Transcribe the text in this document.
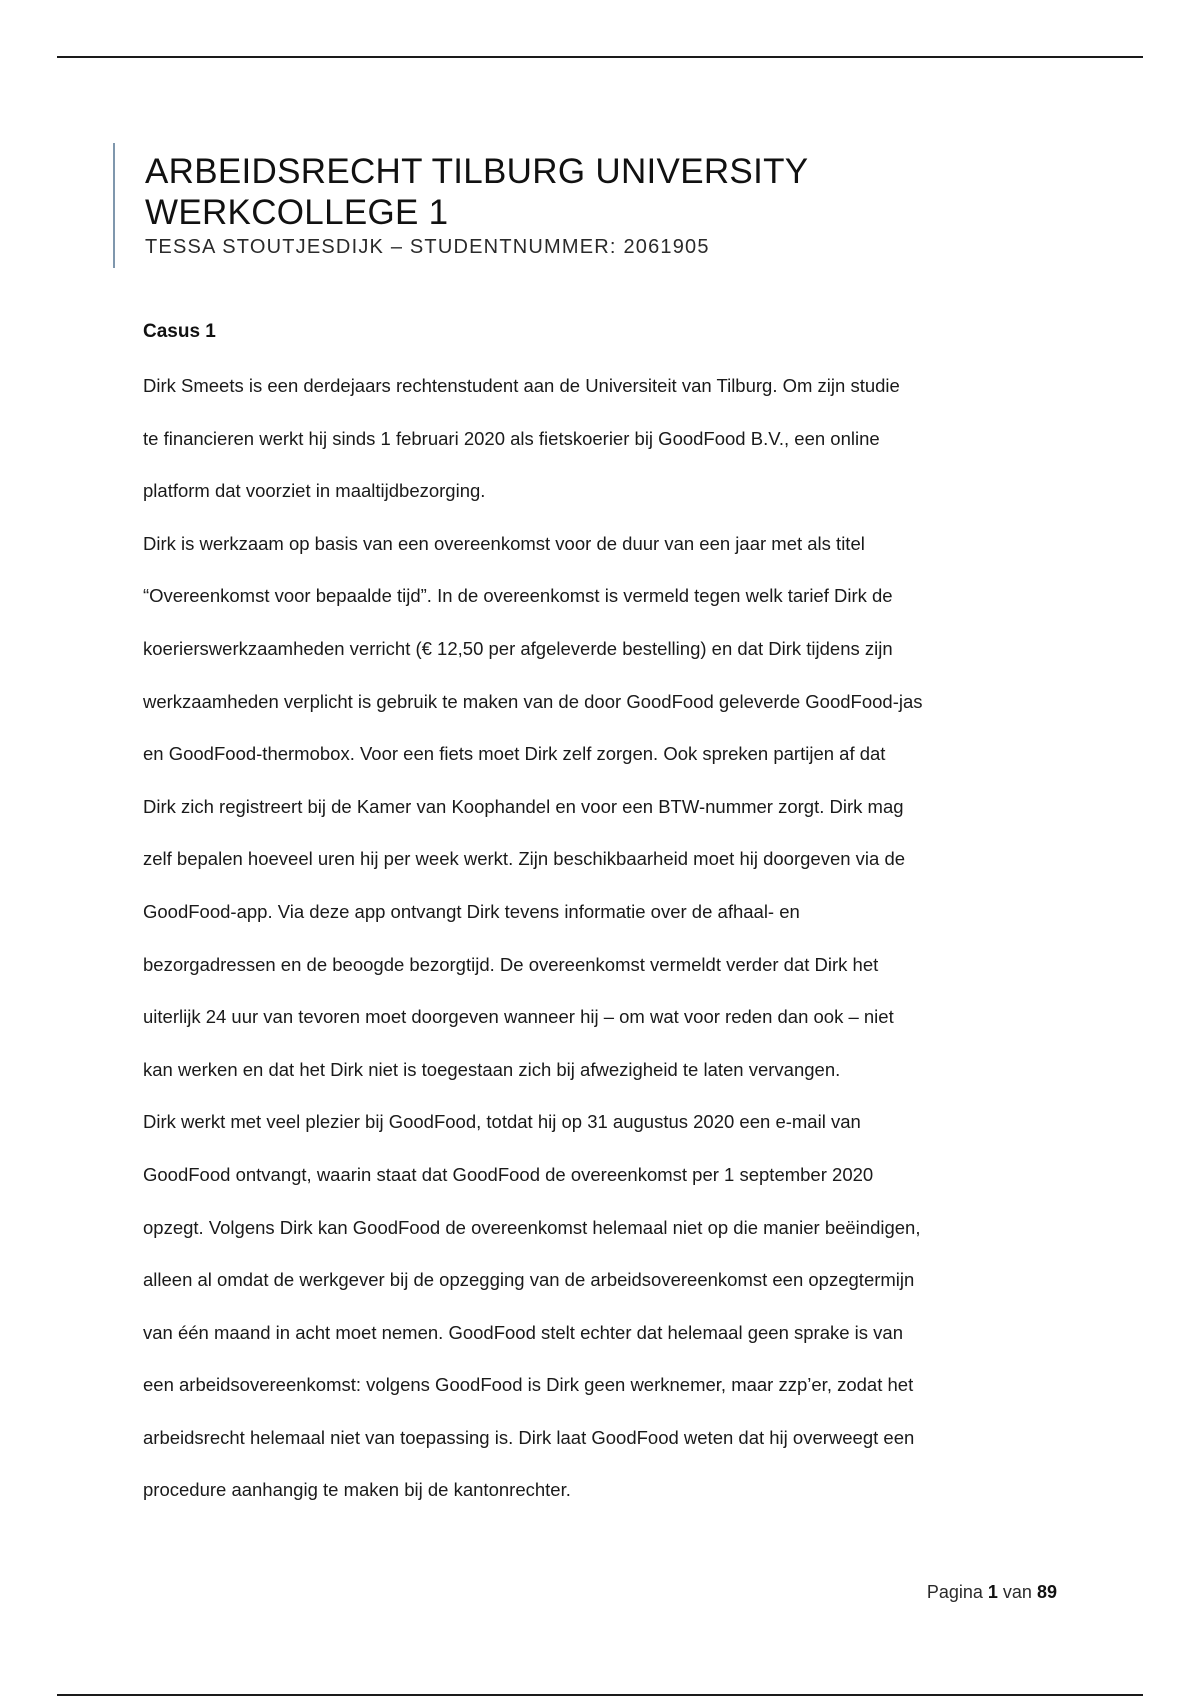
ARBEIDSRECHT TILBURG UNIVERSITY
WERKCOLLEGE 1
TESSA STOUTJESDIJK – STUDENTNUMMER: 2061905
Casus 1
Dirk Smeets is een derdejaars rechtenstudent aan de Universiteit van Tilburg. Om zijn studie
te financieren werkt hij sinds 1 februari 2020 als fietskoerier bij GoodFood B.V., een online
platform dat voorziet in maaltijdbezorging.
Dirk is werkzaam op basis van een overeenkomst voor de duur van een jaar met als titel
“Overeenkomst voor bepaalde tijd”. In de overeenkomst is vermeld tegen welk tarief Dirk de
koerierswerkzaamheden verricht (€ 12,50 per afgeleverde bestelling) en dat Dirk tijdens zijn
werkzaamheden verplicht is gebruik te maken van de door GoodFood geleverde GoodFood-jas
en GoodFood-thermobox. Voor een fiets moet Dirk zelf zorgen. Ook spreken partijen af dat
Dirk zich registreert bij de Kamer van Koophandel en voor een BTW-nummer zorgt. Dirk mag
zelf bepalen hoeveel uren hij per week werkt. Zijn beschikbaarheid moet hij doorgeven via de
GoodFood-app. Via deze app ontvangt Dirk tevens informatie over de afhaal- en
bezorgadressen en de beoogde bezorgtijd. De overeenkomst vermeldt verder dat Dirk het
uiterlijk 24 uur van tevoren moet doorgeven wanneer hij – om wat voor reden dan ook – niet
kan werken en dat het Dirk niet is toegestaan zich bij afwezigheid te laten vervangen.
Dirk werkt met veel plezier bij GoodFood, totdat hij op 31 augustus 2020 een e-mail van
GoodFood ontvangt, waarin staat dat GoodFood de overeenkomst per 1 september 2020
opzegt. Volgens Dirk kan GoodFood de overeenkomst helemaal niet op die manier beëindigen,
alleen al omdat de werkgever bij de opzegging van de arbeidsovereenkomst een opzegtermijn
van één maand in acht moet nemen. GoodFood stelt echter dat helemaal geen sprake is van
een arbeidsovereenkomst: volgens GoodFood is Dirk geen werknemer, maar zzp’er, zodat het
arbeidsrecht helemaal niet van toepassing is. Dirk laat GoodFood weten dat hij overweegt een
procedure aanhangig te maken bij de kantonrechter.
Pagina 1 van 89
